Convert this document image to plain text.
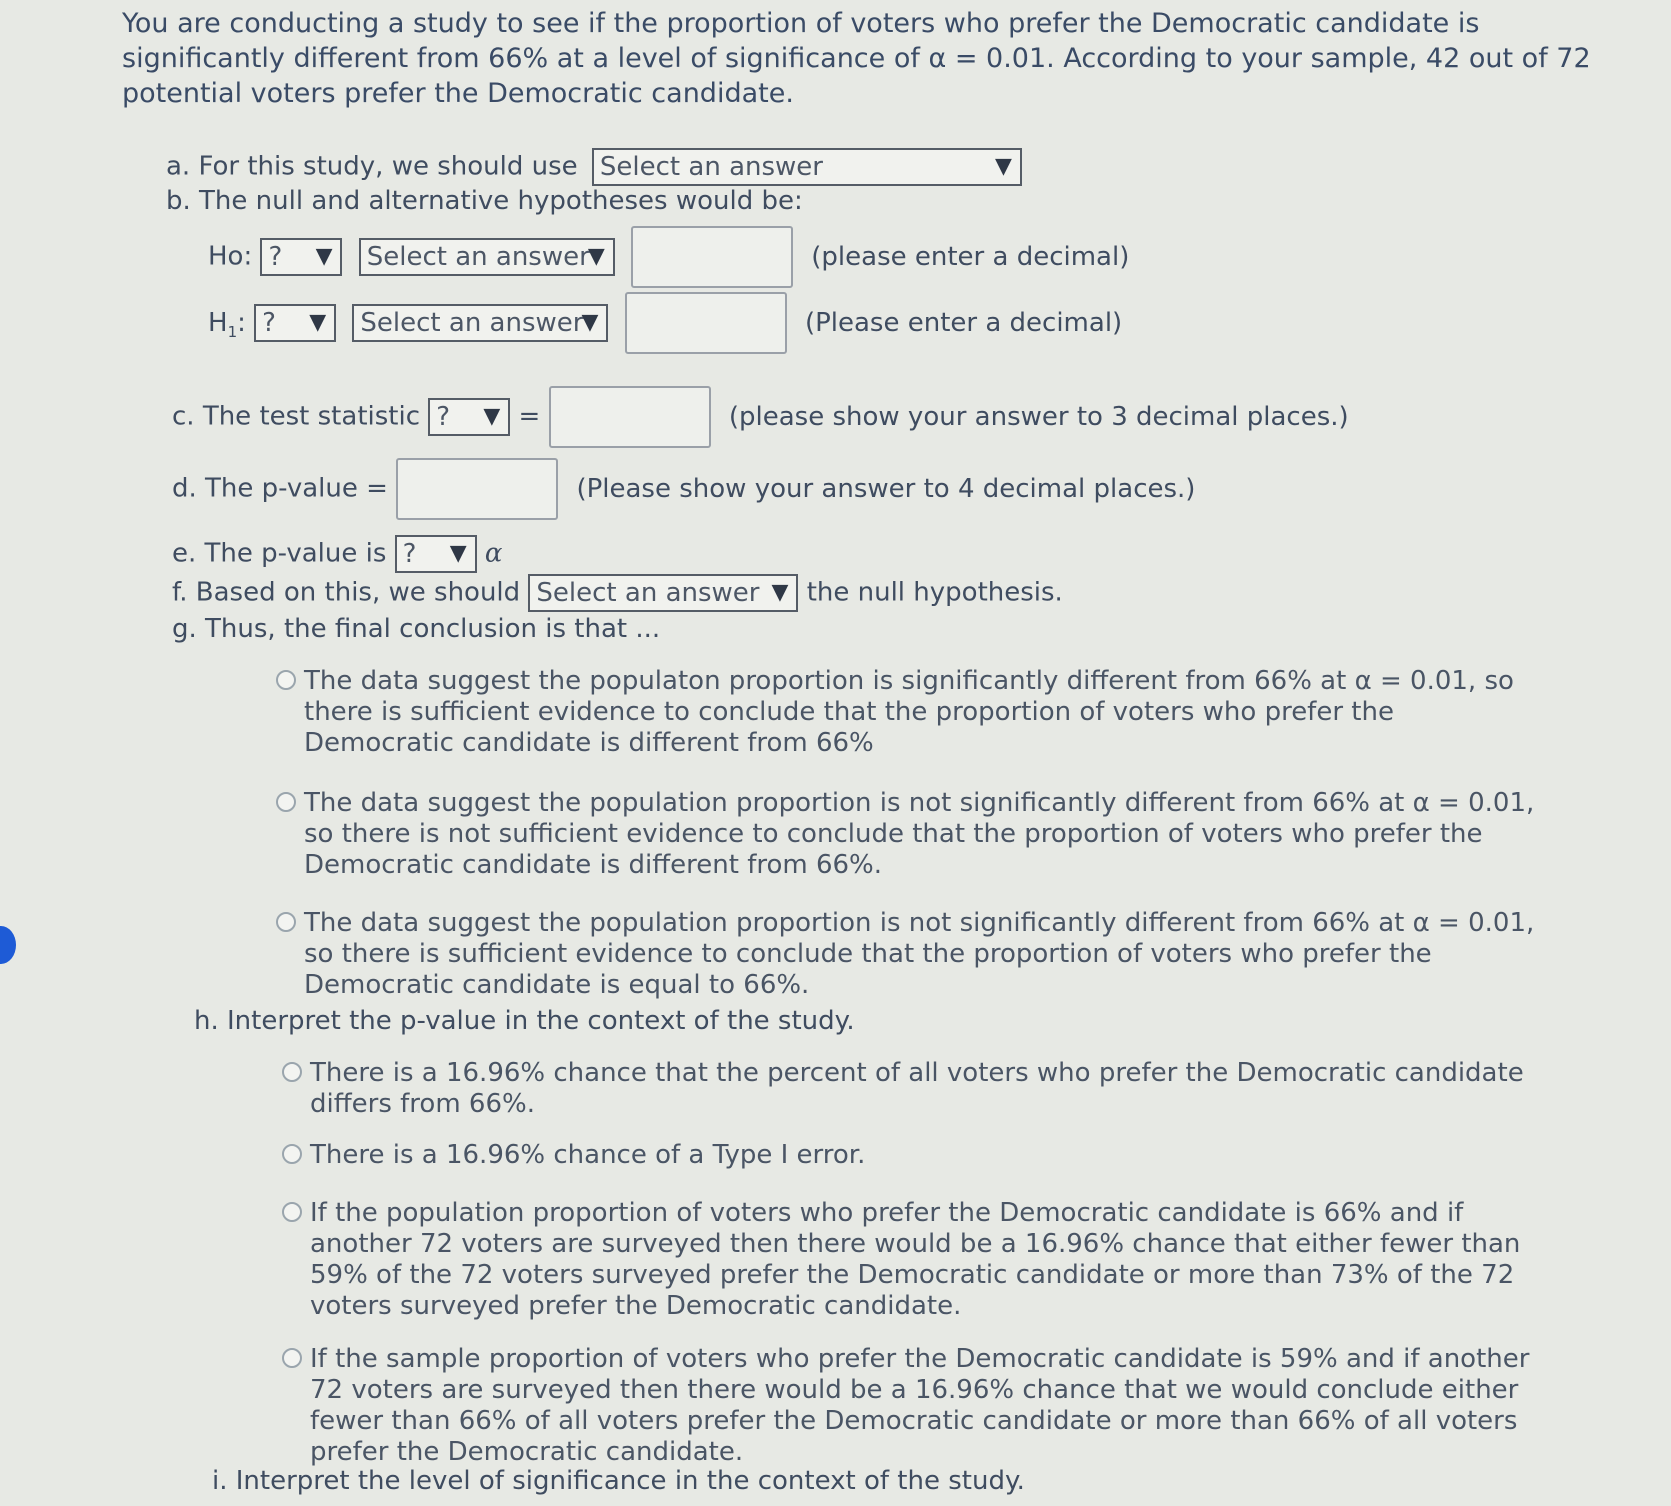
You are conducting a study to see if the proportion of voters who prefer the Democratic candidate is significantly different from 66% at a level of significance of α = 0.01. According to your sample, 42 out of 72 potential voters prefer the Democratic candidate.
a. For this study, we should use Select an answer	▼
b. The null and alternative hypotheses would be:
Ho: ? ▼ Select an answer
▼	(please enter a decimal)
$H_1$: ? ▼ Select an answer
▼	(Please enter a decimal)
c. The test statistic ? ▼ =	(please show your answer to 3 decimal places.)
d. The p-value =	(Please show your answer to 4 decimal places.)
e. The p-value is ? ▼ α
f. Based on this, we should Select an answer ▼ the null hypothesis.
g. Thus, the final conclusion is that ...
The data suggest the populaton proportion is significantly different from 66% at α = 0.01, so there is sufficient evidence to conclude that the proportion of voters who prefer the Democratic candidate is different from 66%
The data suggest the population proportion is not significantly different from 66% at α = 0.01, so there is not sufficient evidence to conclude that the proportion of voters who prefer the Democratic candidate is different from 66%.
The data suggest the population proportion is not significantly different from 66% at α = 0.01, so there is sufficient evidence to conclude that the proportion of voters who prefer the Democratic candidate is equal to 66%.
h. Interpret the p-value in the context of the study.
There is a 16.96% chance that the percent of all voters who prefer the Democratic candidate differs from 66%.
There is a 16.96% chance of a Type I error.
If the population proportion of voters who prefer the Democratic candidate is 66% and if another 72 voters are surveyed then there would be a 16.96% chance that either fewer than 59% of the 72 voters surveyed prefer the Democratic candidate or more than 73% of the 72 voters surveyed prefer the Democratic candidate.
If the sample proportion of voters who prefer the Democratic candidate is 59% and if another 72 voters are surveyed then there would be a 16.96% chance that we would conclude either fewer than 66% of all voters prefer the Democratic candidate or more than 66% of all voters prefer the Democratic candidate.
i. Interpret the level of significance in the context of the study.
